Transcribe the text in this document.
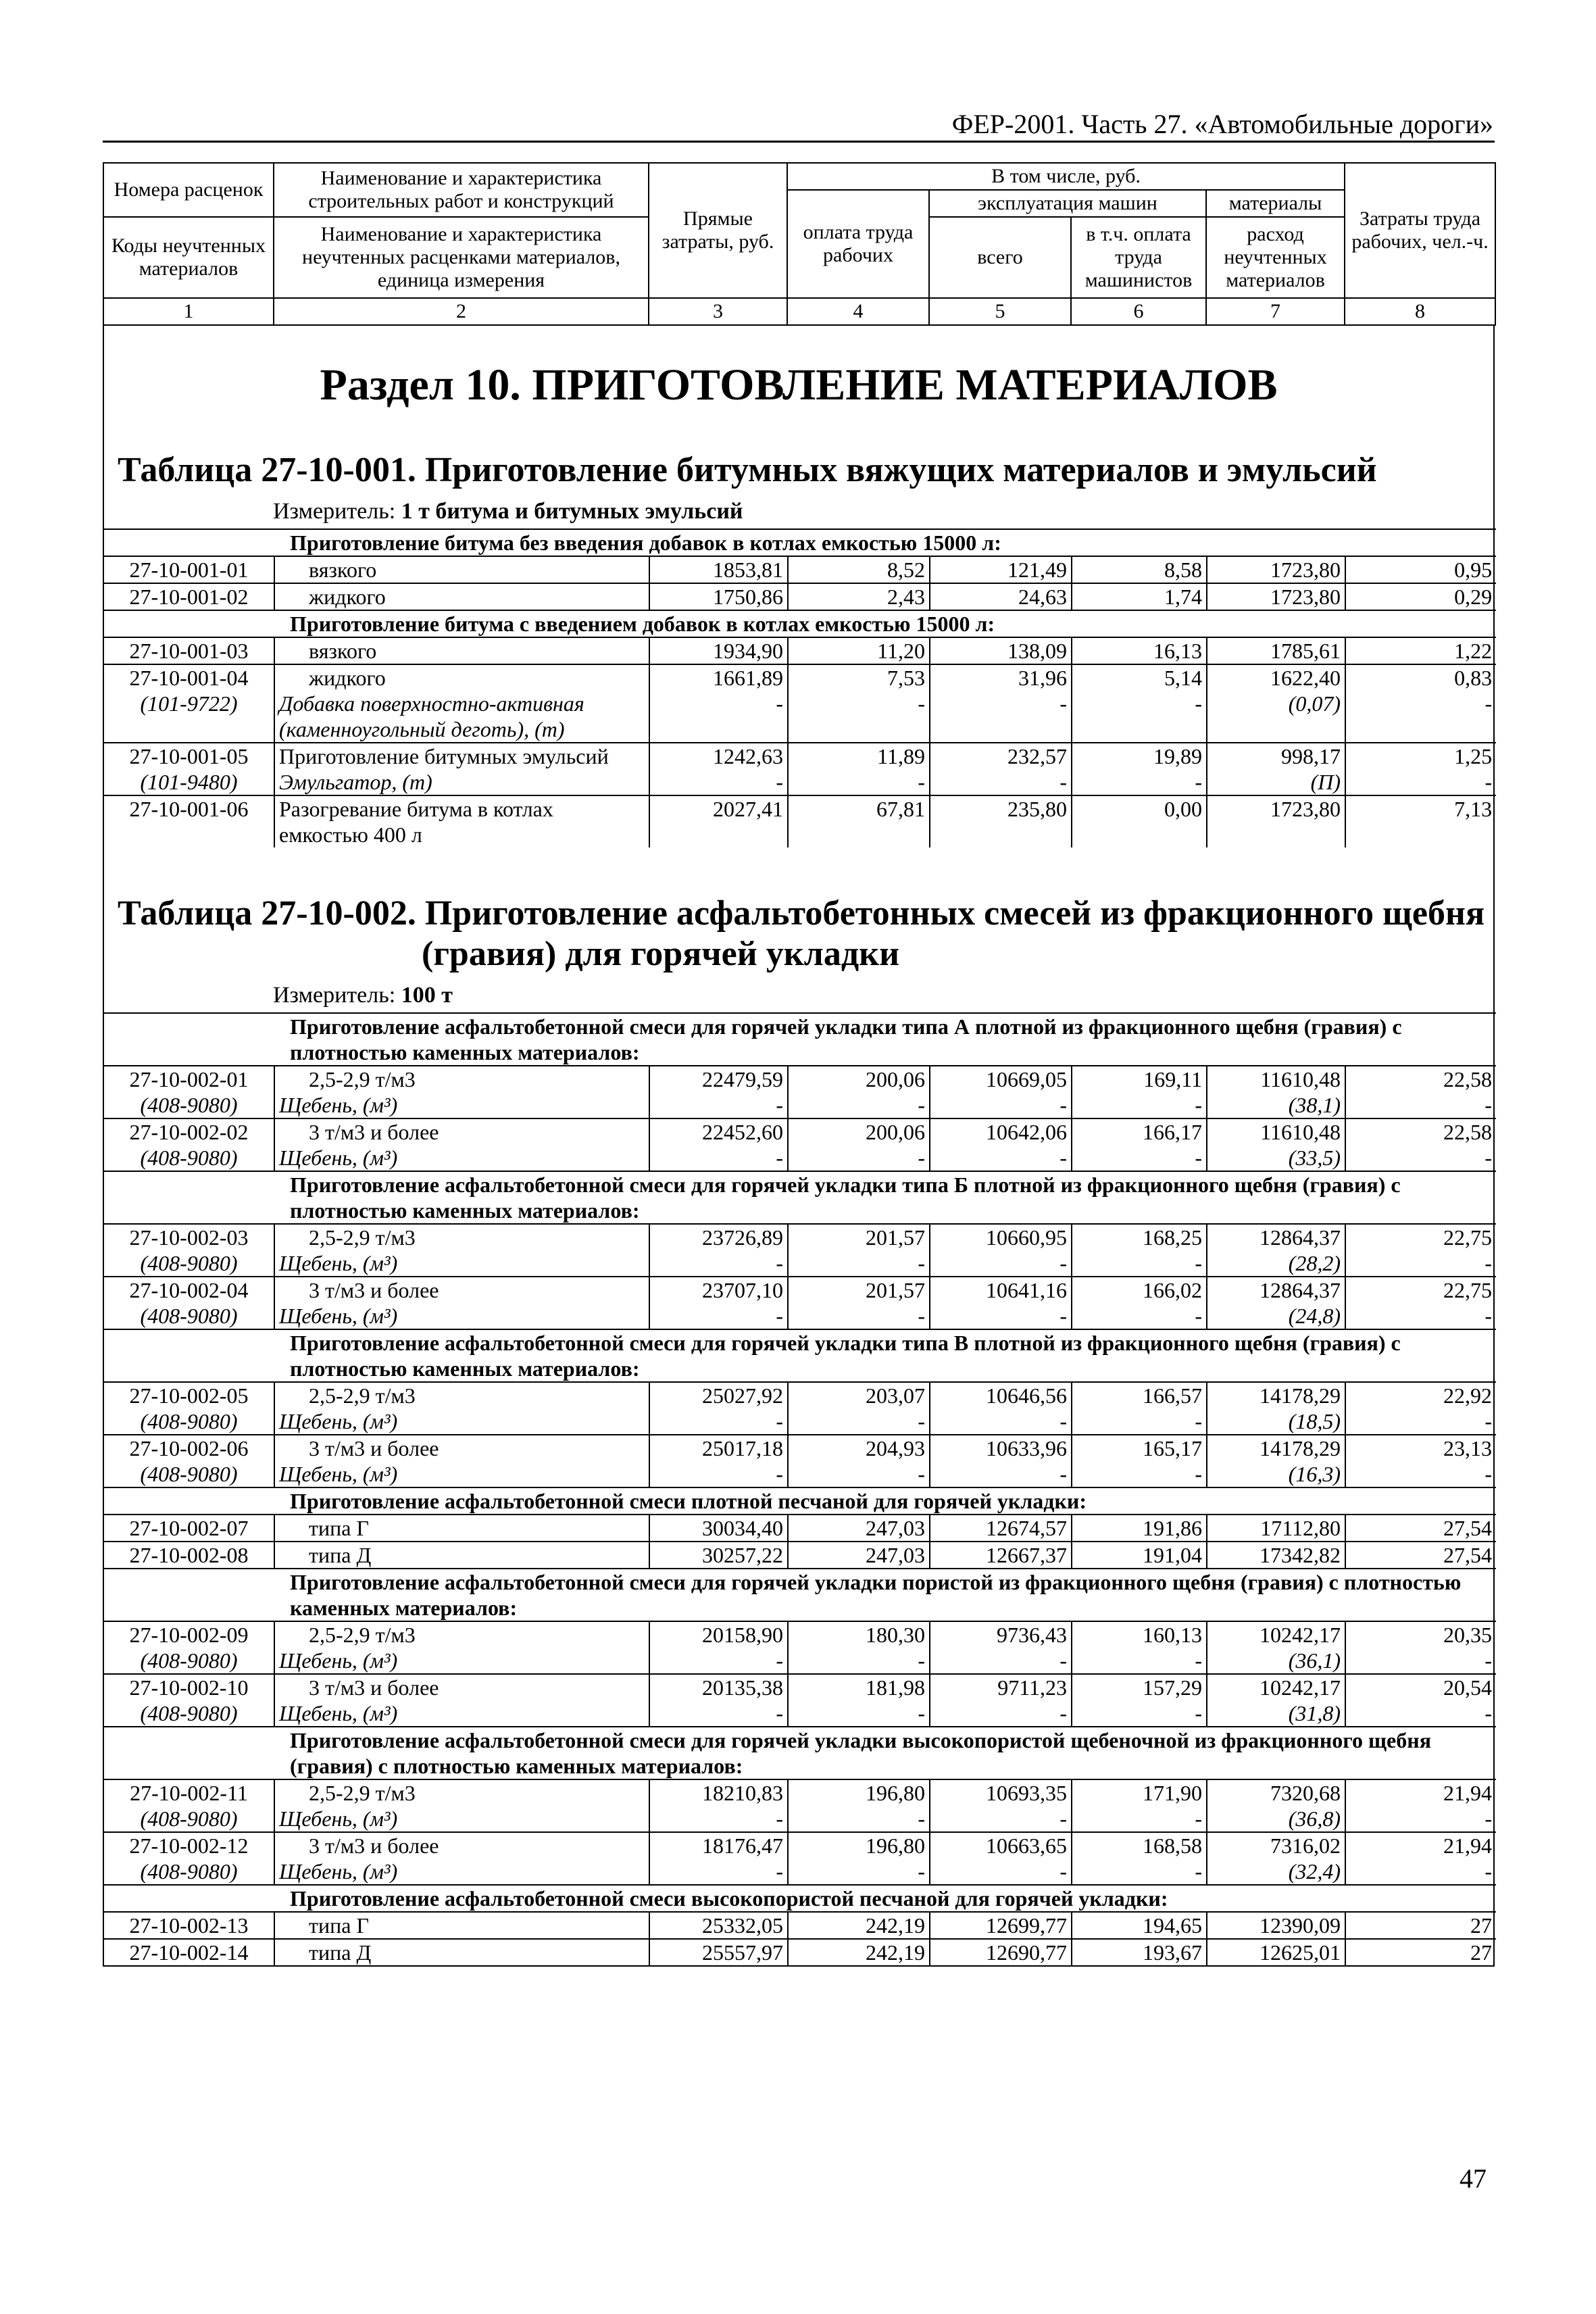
ФЕР-2001. Часть 27. «Автомобильные дороги»
Номера расценок	Наименование и характеристика строительных работ и конструкций	Прямые затраты, руб.	В том числе, руб.				Затраты труда рабочих, чел.-ч.
			оплата труда рабочих	эксплуатация машин		материалы	
Коды неучтенных материалов	Наименование и характеристика неучтенных расценками материалов, единица измерения			всего	в т.ч. оплата труда машинистов	расход неучтенных материалов	

1	2	3	4	5	6	7	8
Раздел 10. ПРИГОТОВЛЕНИЕ МАТЕРИАЛОВ
Таблица 27-10-001. Приготовление битумных вяжущих материалов и эмульсий
Измеритель: 1 т битума и битумных эмульсий
Приготовление битума без введения добавок в котлах емкостью 15000 л:							
27-10-001-01	вязкого	1853,81	8,52	121,49	8,58	1723,80	0,95
27-10-001-02	жидкого	1750,86	2,43	24,63	1,74	1723,80	0,29
Приготовление битума с введением добавок в котлах емкостью 15000 л:							
27-10-001-03	вязкого	1934,90	11,20	138,09	16,13	1785,61	1,22
27-10-001-04	жидкого	1661,89	7,53	31,96	5,14	1622,40	0,83
(101-9722)	Добавка поверхностно-активная (каменноугольный деготь), (т)	-	-	-	-	(0,07)	-
27-10-001-05	Приготовление битумных эмульсий	1242,63	11,89	232,57	19,89	998,17	1,25
(101-9480)	Эмульгатор, (т)	-	-	-	-	(П)	-
27-10-001-06	Разогревание битума в котлах емкостью 400 л	2027,41	67,81	235,80	0,00	1723,80	7,13
Таблица 27-10-002. Приготовление асфальтобетонных смесей из фракционного щебня
(гравия) для горячей укладки
Измеритель: 100 т
Приготовление асфальтобетонной смеси для горячей укладки типа А плотной из фракционного щебня (гравия) с плотностью каменных материалов:							
27-10-002-01	2,5-2,9 т/м3	22479,59	200,06	10669,05	169,11	11610,48	22,58
(408-9080)	Щебень, (м³)	-	-	-	-	(38,1)	-
27-10-002-02	3 т/м3 и более	22452,60	200,06	10642,06	166,17	11610,48	22,58
(408-9080)	Щебень, (м³)	-	-	-	-	(33,5)	-
Приготовление асфальтобетонной смеси для горячей укладки типа Б плотной из фракционного щебня (гравия) с плотностью каменных материалов:							
27-10-002-03	2,5-2,9 т/м3	23726,89	201,57	10660,95	168,25	12864,37	22,75
(408-9080)	Щебень, (м³)	-	-	-	-	(28,2)	-
27-10-002-04	3 т/м3 и более	23707,10	201,57	10641,16	166,02	12864,37	22,75
(408-9080)	Щебень, (м³)	-	-	-	-	(24,8)	-
Приготовление асфальтобетонной смеси для горячей укладки типа В плотной из фракционного щебня (гравия) с плотностью каменных материалов:							
27-10-002-05	2,5-2,9 т/м3	25027,92	203,07	10646,56	166,57	14178,29	22,92
(408-9080)	Щебень, (м³)	-	-	-	-	(18,5)	-
27-10-002-06	3 т/м3 и более	25017,18	204,93	10633,96	165,17	14178,29	23,13
(408-9080)	Щебень, (м³)	-	-	-	-	(16,3)	-
Приготовление асфальтобетонной смеси плотной песчаной для горячей укладки:							
27-10-002-07	типа Г	30034,40	247,03	12674,57	191,86	17112,80	27,54
27-10-002-08	типа Д	30257,22	247,03	12667,37	191,04	17342,82	27,54
Приготовление асфальтобетонной смеси для горячей укладки пористой из фракционного щебня (гравия) с плотностью каменных материалов:							
27-10-002-09	2,5-2,9 т/м3	20158,90	180,30	9736,43	160,13	10242,17	20,35
(408-9080)	Щебень, (м³)	-	-	-	-	(36,1)	-
27-10-002-10	3 т/м3 и более	20135,38	181,98	9711,23	157,29	10242,17	20,54
(408-9080)	Щебень, (м³)	-	-	-	-	(31,8)	-
Приготовление асфальтобетонной смеси для горячей укладки высокопористой щебеночной из фракционного щебня (гравия) с плотностью каменных материалов:							
27-10-002-11	2,5-2,9 т/м3	18210,83	196,80	10693,35	171,90	7320,68	21,94
(408-9080)	Щебень, (м³)	-	-	-	-	(36,8)	-
27-10-002-12	3 т/м3 и более	18176,47	196,80	10663,65	168,58	7316,02	21,94
(408-9080)	Щебень, (м³)	-	-	-	-	(32,4)	-
Приготовление асфальтобетонной смеси высокопористой песчаной для горячей укладки:							
27-10-002-13	типа Г	25332,05	242,19	12699,77	194,65	12390,09	27
27-10-002-14	типа Д	25557,97	242,19	12690,77	193,67	12625,01	27
47
